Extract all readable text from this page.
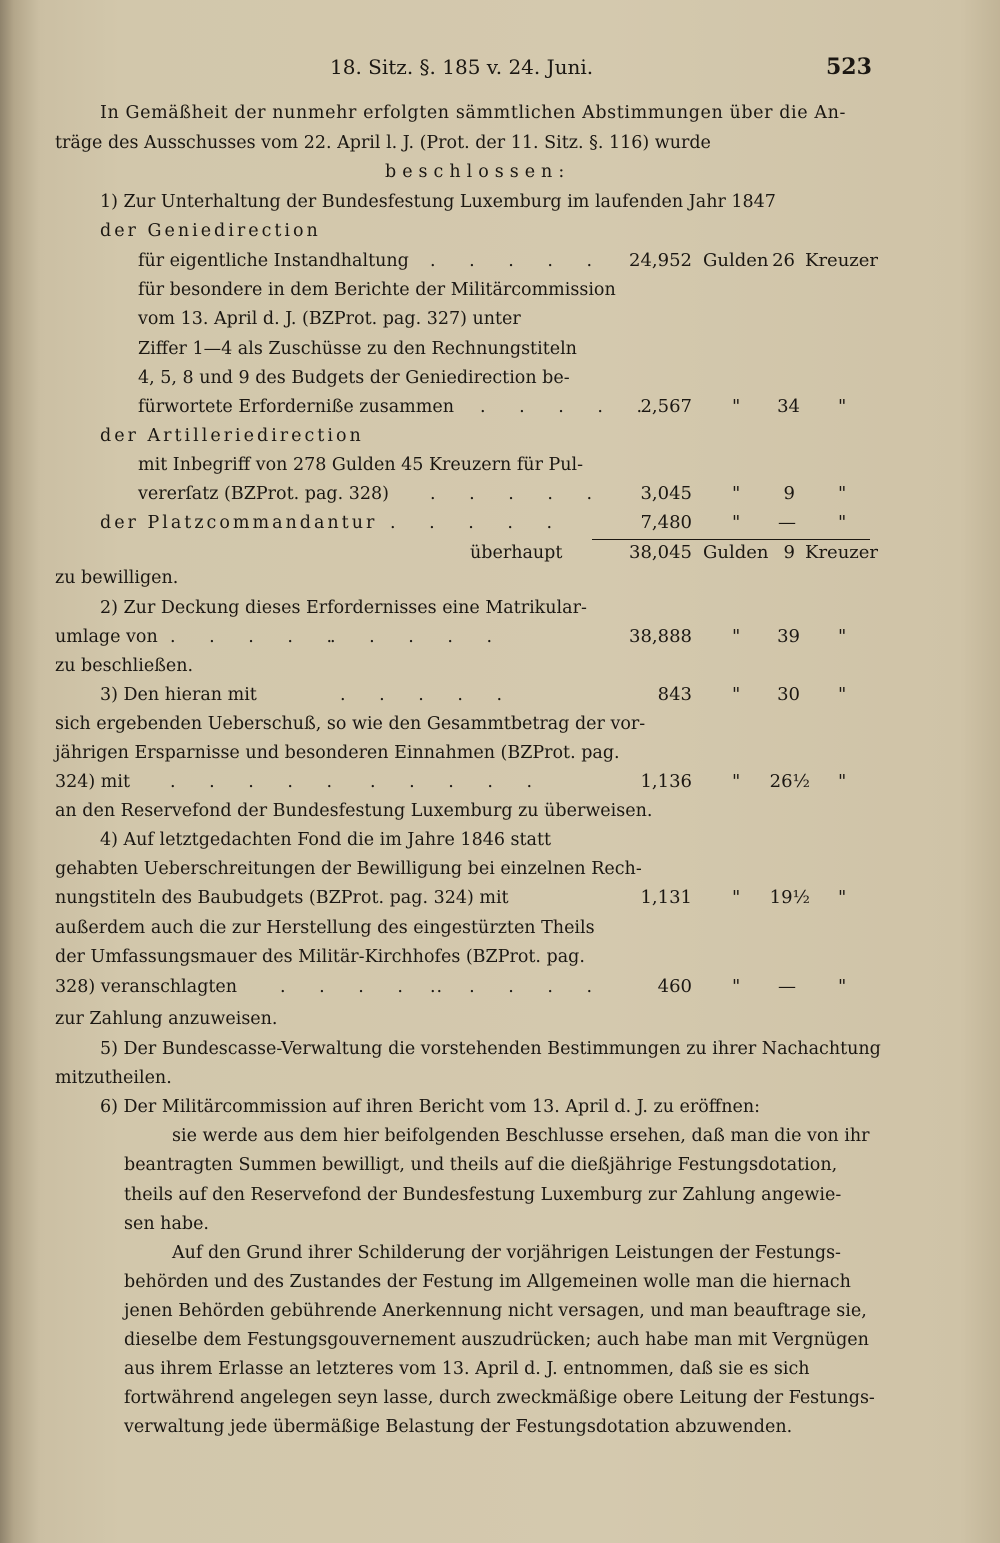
18. Sitz. §. 185 v. 24. Juni.	523
In Gemäßheit der nunmehr erfolgten sämmtlichen Abstimmungen über die An-
träge des Ausschusses vom 22. April l. J. (Prot. der 11. Sitz. §. 116) wurde
beschlossen:
1) Zur Unterhaltung der Bundesfestung Luxemburg im laufenden Jahr 1847
der Geniedirection
für eigentliche Instandhaltung . . . . .
für besondere in dem Berichte der Militärcommission
vom 13. April d. J. (BZProt. pag. 327) unter
Ziffer 1—4 als Zuschüsse zu den Rechnungstiteln
4, 5, 8 und 9 des Budgets der Geniedirection be-
fürwortete Erforderniße zusammen . . . . .
der Artilleriedirection
mit Inbegriff von 278 Gulden 45 Kreuzern für Pul-
vererſatz (BZProt. pag. 328) . . . . .
der Platzcommandantur . . . . .
überhaupt
zu bewilligen.
2) Zur Deckung dieses Erfordernisses eine Matrikular-
umlage von . . . . .
. . . . .
zu beschließen.
3) Den hieran mit	. . . . .
sich ergebenden Ueberschuß, so wie den Gesammtbetrag der vor-
jährigen Ersparnisse und besonderen Einnahmen (BZProt. pag.
324) mit . . . . . . . . . .
an den Reservefond der Bundesfestung Luxemburg zu überweisen.
4) Auf letztgedachten Fond die im Jahre 1846 statt
gehabten Ueberschreitungen der Bewilligung bei einzelnen Rech-
nungstiteln des Baubudgets (BZProt. pag. 324) mit
außerdem auch die zur Herstellung des eingestürzten Theils
der Umfassungsmauer des Militär-Kirchhofes (BZProt. pag.
328) veranschlagten . . . . .
. . . . .
zur Zahlung anzuweisen.
5) Der Bundescasse-Verwaltung die vorstehenden Bestimmungen zu ihrer Nachachtung
mitzutheilen.
6) Der Militärcommission auf ihren Bericht vom 13. April d. J. zu eröffnen:
sie werde aus dem hier beifolgenden Beschlusse ersehen, daß man die von ihr
beantragten Summen bewilligt, und theils auf die dießjährige Festungsdotation,
theils auf den Reservefond der Bundesfestung Luxemburg zur Zahlung angewie-
sen habe.
Auf den Grund ihrer Schilderung der vorjährigen Leistungen der Festungs-
behörden und des Zustandes der Festung im Allgemeinen wolle man die hiernach
jenen Behörden gebührende Anerkennung nicht versagen, und man beauftrage sie,
dieselbe dem Festungsgouvernement auszudrücken; auch habe man mit Vergnügen
aus ihrem Erlasse an letzteres vom 13. April d. J. entnommen, daß sie es sich
fortwährend angelegen seyn lasse, durch zweckmäßige obere Leitung der Festungs-
verwaltung jede übermäßige Belastung der Festungsdotation abzuwenden.
24,952 Gulden 26 Kreuzer
2,567 " 34 "
3,045 " 9 "
7,480 " — "
38,045 Gulden 9 Kreuzer
38,888 " 39 "
843 " 30 "
1,136 " 26½ "
1,131 " 19½ "
460 " — "
